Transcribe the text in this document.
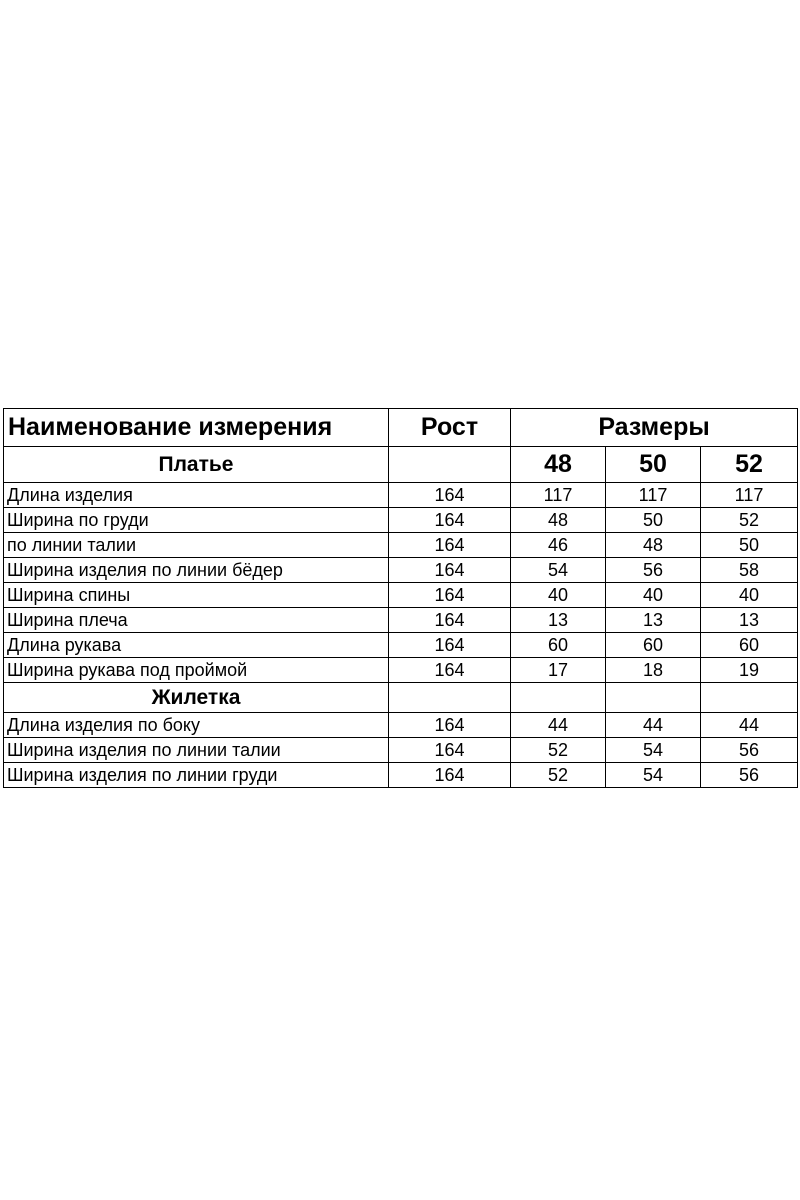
Наименование измерения	Рост	Размеры		
Платье		48	50	52
Длина изделия	164	117	117	117
Ширина по груди	164	48	50	52
по линии талии	164	46	48	50
Ширина изделия по линии бёдер	164	54	56	58
Ширина спины	164	40	40	40
Ширина плеча	164	13	13	13
Длина рукава	164	60	60	60
Ширина рукава под проймой	164	17	18	19
Жилетка				
Длина изделия по боку	164	44	44	44
Ширина изделия по линии талии	164	52	54	56
Ширина изделия по линии груди	164	52	54	56
